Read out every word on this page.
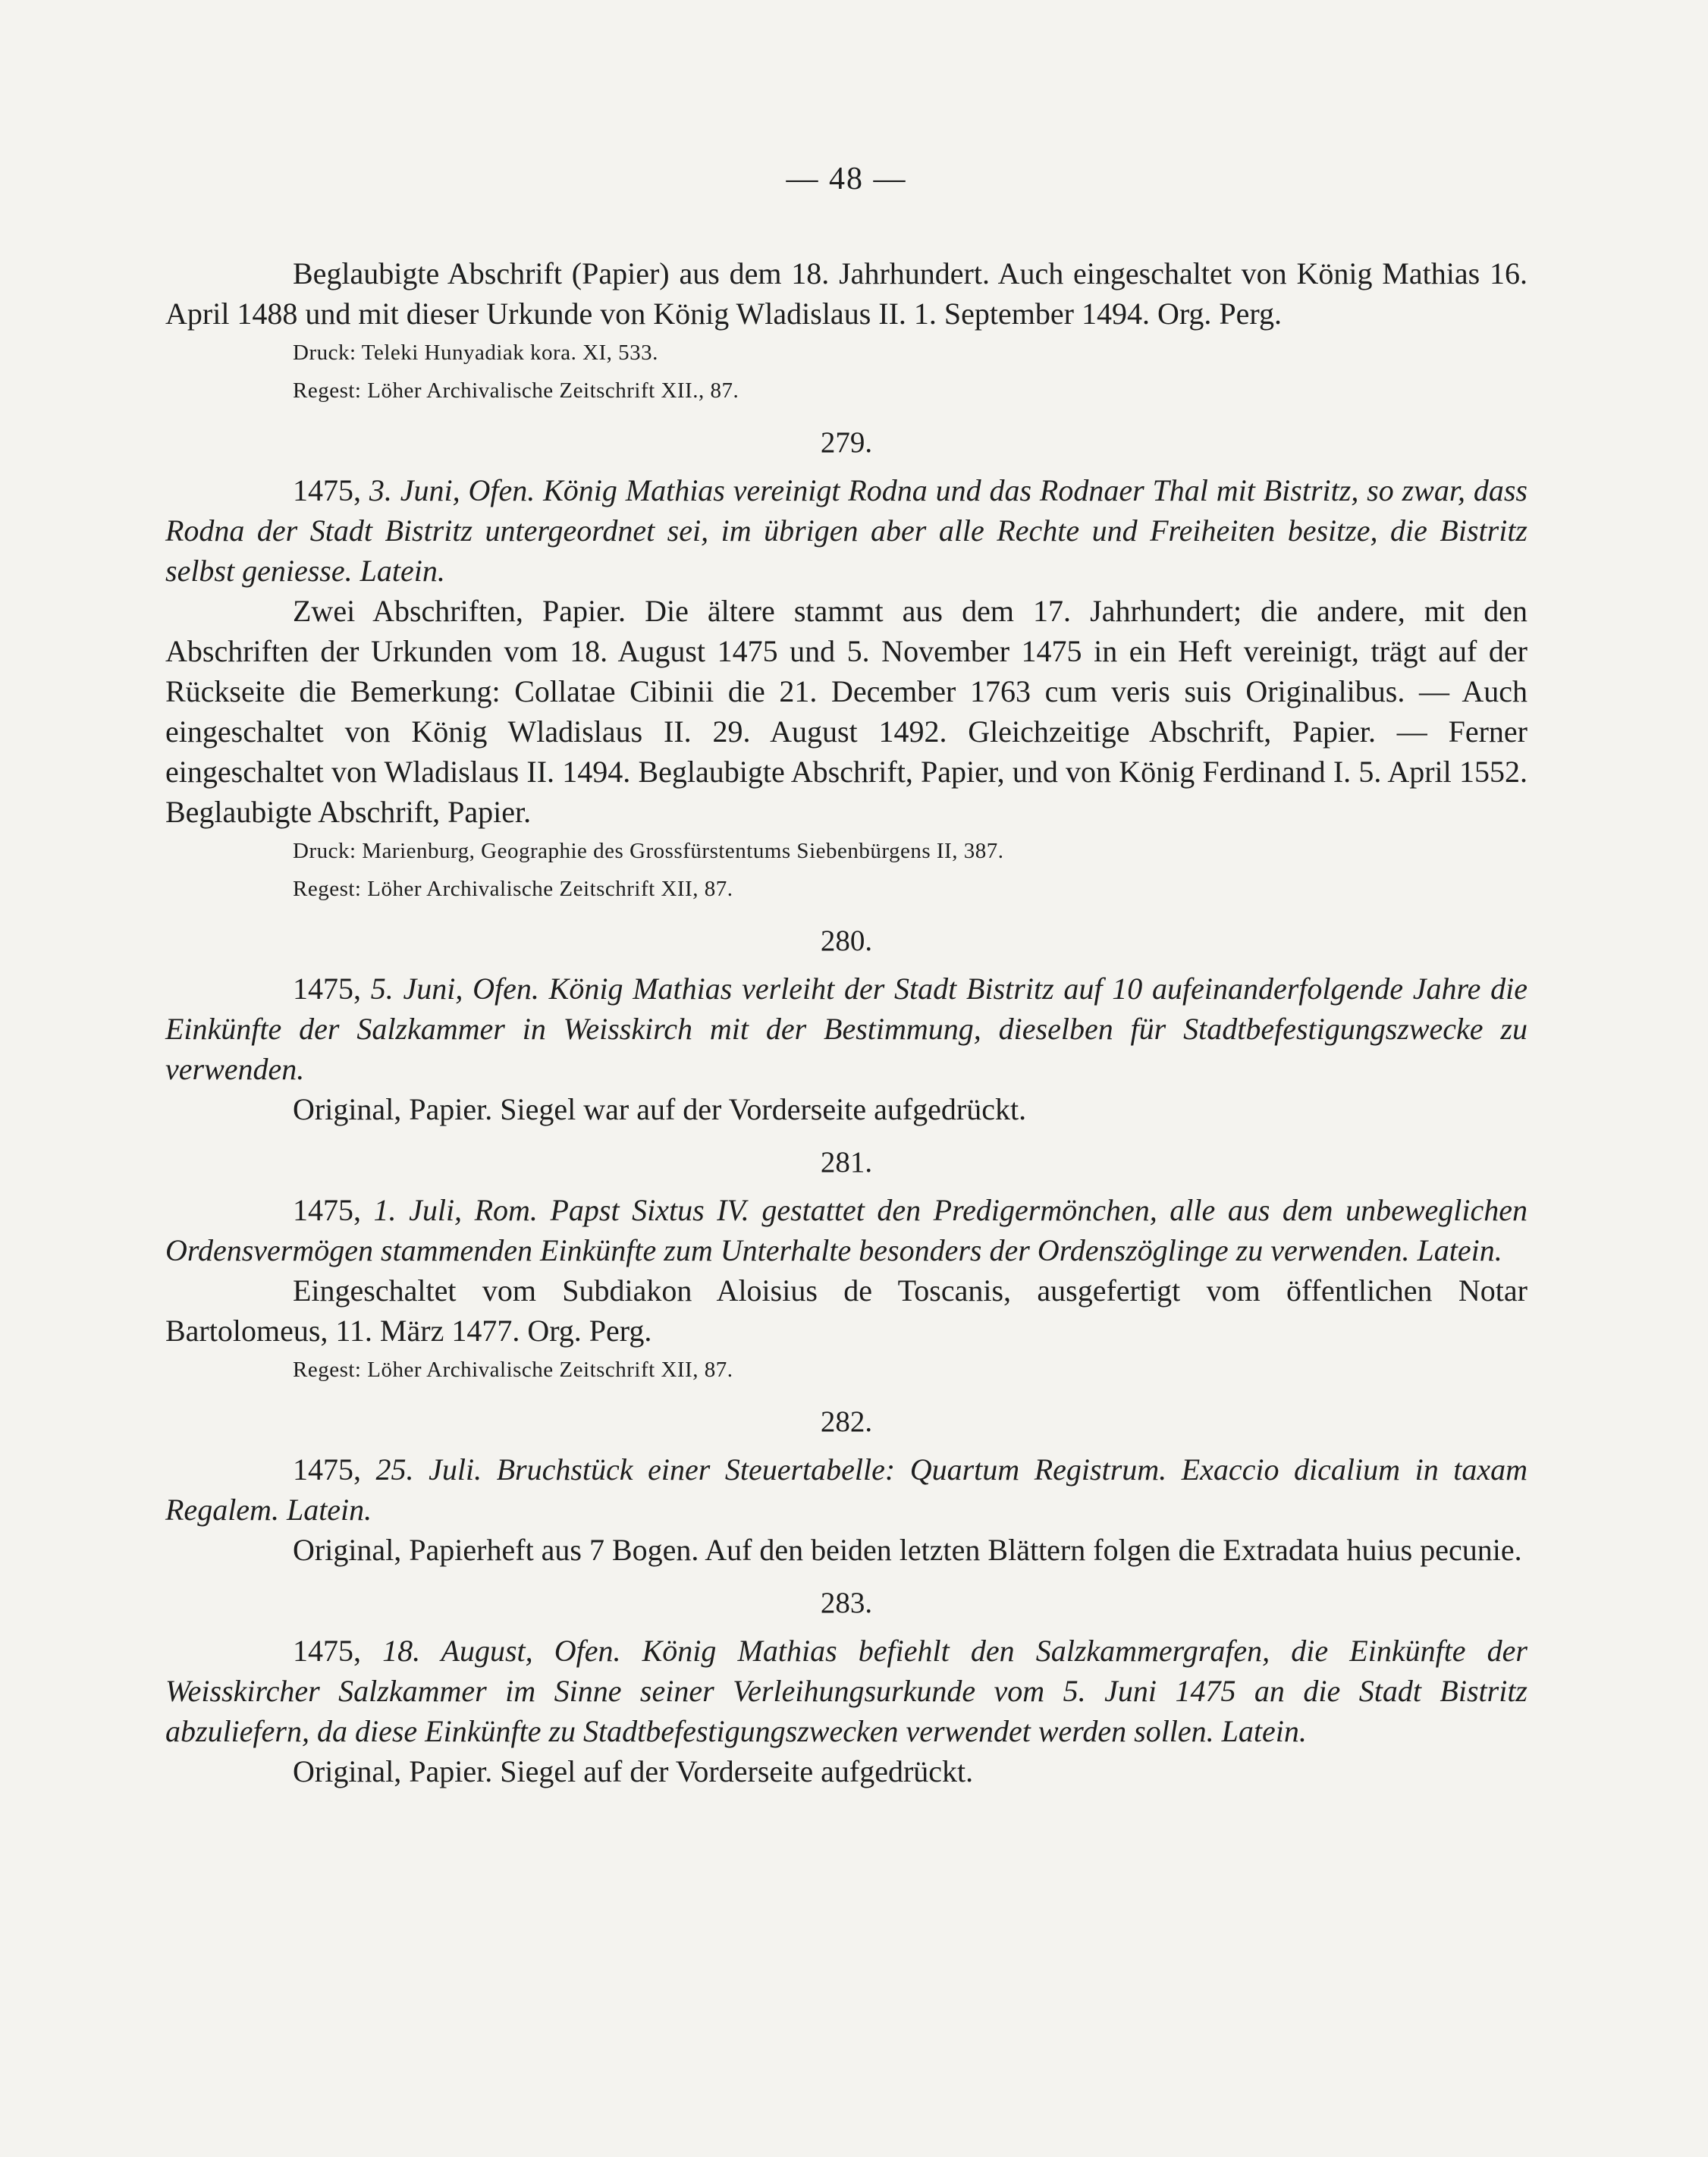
— 48 —

Beglaubigte Abschrift (Papier) aus dem 18. Jahrhundert. Auch eingeschaltet von König Mathias 16. April 1488 und mit dieser Urkunde von König Wladislaus II. 1. September 1494. Org. Perg.

Druck: Teleki Hunyadiak kora. XI, 533.

Regest: Löher Archivalische Zeitschrift XII., 87.

279.

1475, 3. Juni, Ofen. König Mathias vereinigt Rodna und das Rodnaer Thal mit Bistritz, so zwar, dass Rodna der Stadt Bistritz untergeordnet sei, im übrigen aber alle Rechte und Freiheiten besitze, die Bistritz selbst geniesse. Latein.

Zwei Abschriften, Papier. Die ältere stammt aus dem 17. Jahrhundert; die andere, mit den Abschriften der Urkunden vom 18. August 1475 und 5. November 1475 in ein Heft vereinigt, trägt auf der Rückseite die Bemerkung: Collatae Cibinii die 21. December 1763 cum veris suis Originalibus. — Auch eingeschaltet von König Wladislaus II. 29. August 1492. Gleichzeitige Abschrift, Papier. — Ferner eingeschaltet von Wladislaus II. 1494. Beglaubigte Abschrift, Papier, und von König Ferdinand I. 5. April 1552. Beglaubigte Abschrift, Papier.

Druck: Marienburg, Geographie des Grossfürstentums Siebenbürgens II, 387.

Regest: Löher Archivalische Zeitschrift XII, 87.

280.

1475, 5. Juni, Ofen. König Mathias verleiht der Stadt Bistritz auf 10 aufeinanderfolgende Jahre die Einkünfte der Salzkammer in Weisskirch mit der Bestimmung, dieselben für Stadtbefestigungszwecke zu verwenden.

Original, Papier. Siegel war auf der Vorderseite aufgedrückt.

281.

1475, 1. Juli, Rom. Papst Sixtus IV. gestattet den Predigermönchen, alle aus dem unbeweglichen Ordensvermögen stammenden Einkünfte zum Unterhalte besonders der Ordenszöglinge zu verwenden. Latein.

Eingeschaltet vom Subdiakon Aloisius de Toscanis, ausgefertigt vom öffentlichen Notar Bartolomeus, 11. März 1477. Org. Perg.

Regest: Löher Archivalische Zeitschrift XII, 87.

282.

1475, 25. Juli. Bruchstück einer Steuertabelle: Quartum Registrum. Exaccio dicalium in taxam Regalem. Latein.

Original, Papierheft aus 7 Bogen. Auf den beiden letzten Blättern folgen die Extradata huius pecunie.

283.

1475, 18. August, Ofen. König Mathias befiehlt den Salzkammergrafen, die Einkünfte der Weisskircher Salzkammer im Sinne seiner Verleihungsurkunde vom 5. Juni 1475 an die Stadt Bistritz abzuliefern, da diese Einkünfte zu Stadtbefestigungszwecken verwendet werden sollen. Latein.

Original, Papier. Siegel auf der Vorderseite aufgedrückt.
